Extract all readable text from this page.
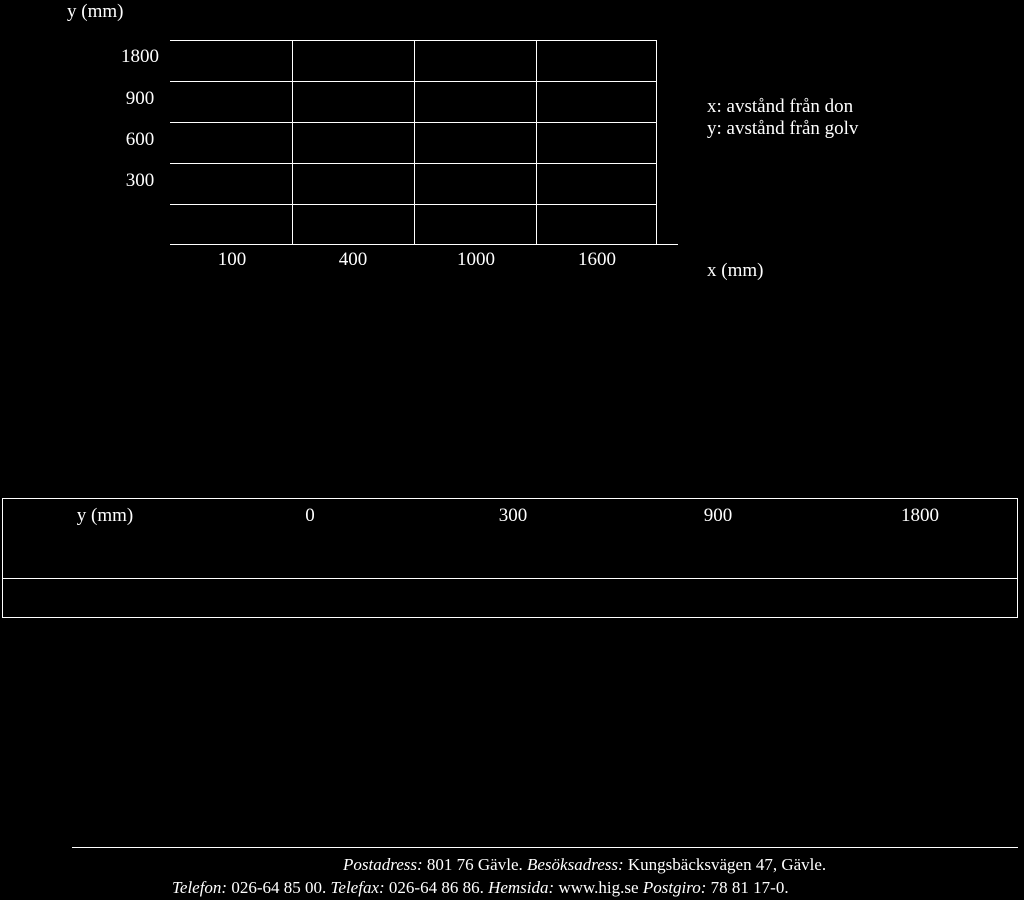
y (mm)
1800
900
600
300
100	400	1000	1600
x (mm)
x: avstånd från don
y: avstånd från golv
y (mm)	0	300	900	1800
Postadress: 801 76 Gävle. Besöksadress: Kungsbäcksvägen 47, Gävle.
Telefon: 026-64 85 00. Telefax: 026-64 86 86. Hemsida: www.hig.se Postgiro: 78 81 17-0.
